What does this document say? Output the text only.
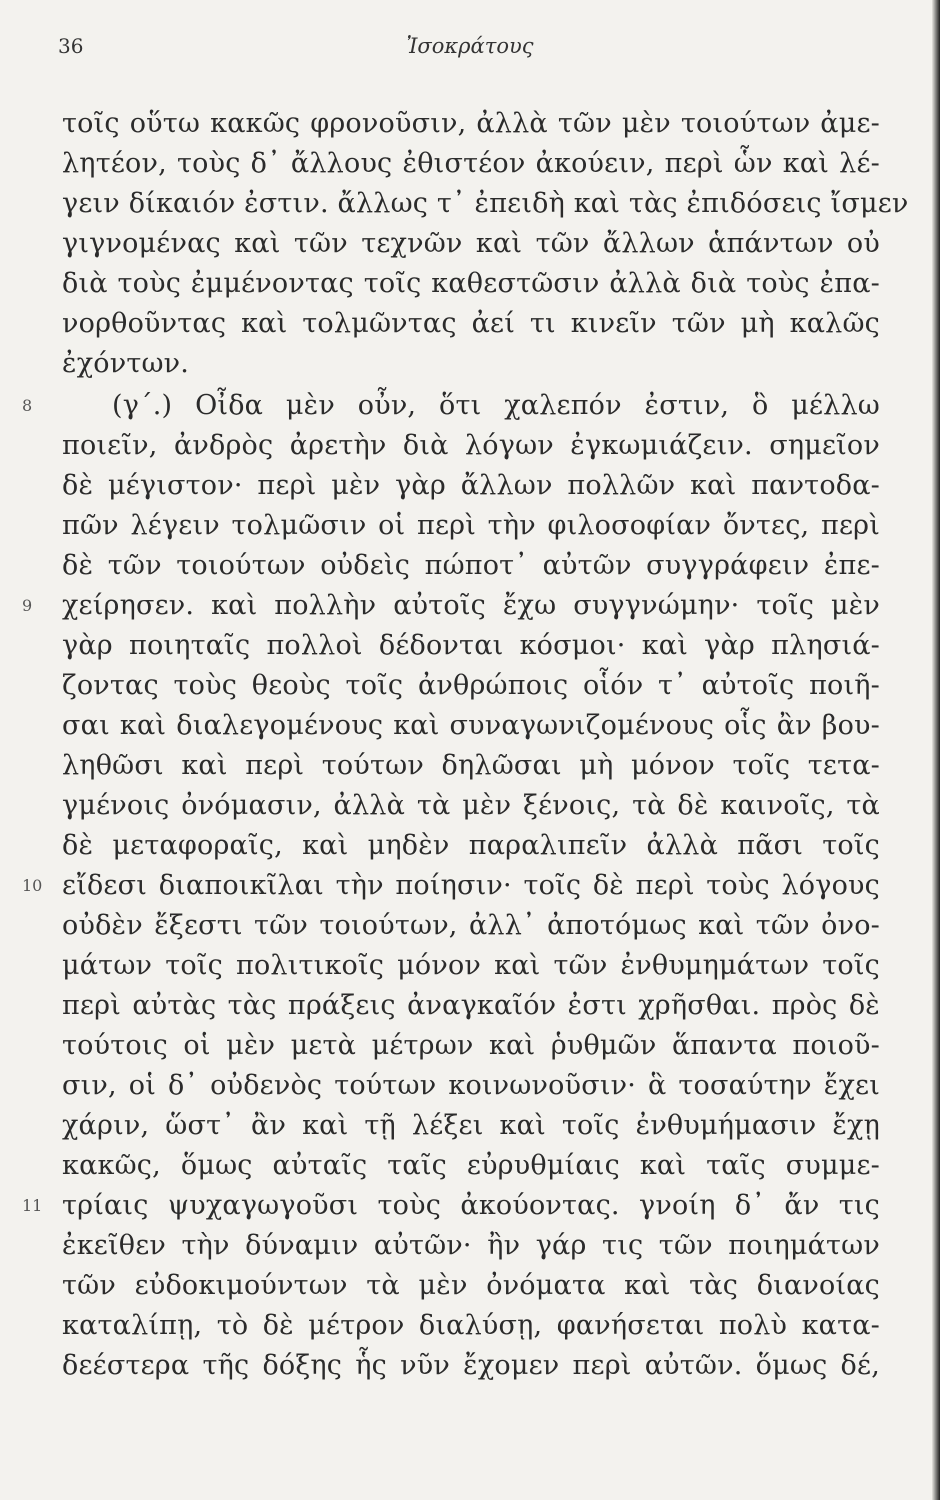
36	Ἰσοκράτους
τοῖς οὕτω κακῶς φρονοῦσιν, ἀλλὰ τῶν μὲν τοιούτων ἀμε-
λητέον, τοὺς δ᾽ ἄλλους ἐθιστέον ἀκούειν, περὶ ὧν καὶ λέ-
γειν δίκαιόν ἐστιν. ἄλλως τ᾽ ἐπειδὴ καὶ τὰς ἐπιδόσεις ἴσμεν
γιγνομένας καὶ τῶν τεχνῶν καὶ τῶν ἄλλων ἁπάντων οὐ
διὰ τοὺς ἐμμένοντας τοῖς καθεστῶσιν ἀλλὰ διὰ τοὺς ἐπα-
νορθοῦντας καὶ τολμῶντας ἀεί τι κινεῖν τῶν μὴ καλῶς
ἐχόντων.
8	(γ΄.) Οἶδα μὲν οὖν, ὅτι χαλεπόν ἐστιν, ὃ μέλλω
ποιεῖν, ἀνδρὸς ἀρετὴν διὰ λόγων ἐγκωμιάζειν. σημεῖον
δὲ μέγιστον· περὶ μὲν γὰρ ἄλλων πολλῶν καὶ παντοδα-
πῶν λέγειν τολμῶσιν οἱ περὶ τὴν φιλοσοφίαν ὄντες, περὶ
δὲ τῶν τοιούτων οὐδεὶς πώποτ᾽ αὐτῶν συγγράφειν ἐπε-
9	χείρησεν. καὶ πολλὴν αὐτοῖς ἔχω συγγνώμην· τοῖς μὲν
γὰρ ποιηταῖς πολλοὶ δέδονται κόσμοι· καὶ γὰρ πλησιά-
ζοντας τοὺς θεοὺς τοῖς ἀνθρώποις οἷόν τ᾽ αὐτοῖς ποιῆ-
σαι καὶ διαλεγομένους καὶ συναγωνιζομένους οἷς ἂν βου-
ληθῶσι καὶ περὶ τούτων δηλῶσαι μὴ μόνον τοῖς τετα-
γμένοις ὀνόμασιν, ἀλλὰ τὰ μὲν ξένοις, τὰ δὲ καινοῖς, τὰ
δὲ μεταφοραῖς, καὶ μηδὲν παραλιπεῖν ἀλλὰ πᾶσι τοῖς
10 εἴδεσι διαποικῖλαι τὴν ποίησιν· τοῖς δὲ περὶ τοὺς λόγους
οὐδὲν ἔξεστι τῶν τοιούτων, ἀλλ᾽ ἀποτόμως καὶ τῶν ὀνο-
μάτων τοῖς πολιτικοῖς μόνον καὶ τῶν ἐνθυμημάτων τοῖς
περὶ αὐτὰς τὰς πράξεις ἀναγκαῖόν ἐστι χρῆσθαι. πρὸς δὲ
τούτοις οἱ μὲν μετὰ μέτρων καὶ ῥυθμῶν ἅπαντα ποιοῦ-
σιν, οἱ δ᾽ οὐδενὸς τούτων κοινωνοῦσιν· ἃ τοσαύτην ἔχει
χάριν, ὥστ᾽ ἂν καὶ τῇ λέξει καὶ τοῖς ἐνθυμήμασιν ἔχῃ
κακῶς, ὅμως αὐταῖς ταῖς εὐρυθμίαις καὶ ταῖς συμμε-
11 τρίαις ψυχαγωγοῦσι τοὺς ἀκούοντας. γνοίη δ᾽ ἄν τις
ἐκεῖθεν τὴν δύναμιν αὐτῶν· ἢν γάρ τις τῶν ποιημάτων
τῶν εὐδοκιμούντων τὰ μὲν ὀνόματα καὶ τὰς διανοίας
καταλίπῃ, τὸ δὲ μέτρον διαλύσῃ, φανήσεται πολὺ κατα-
δεέστερα τῆς δόξης ἧς νῦν ἔχομεν περὶ αὐτῶν. ὅμως δέ,
